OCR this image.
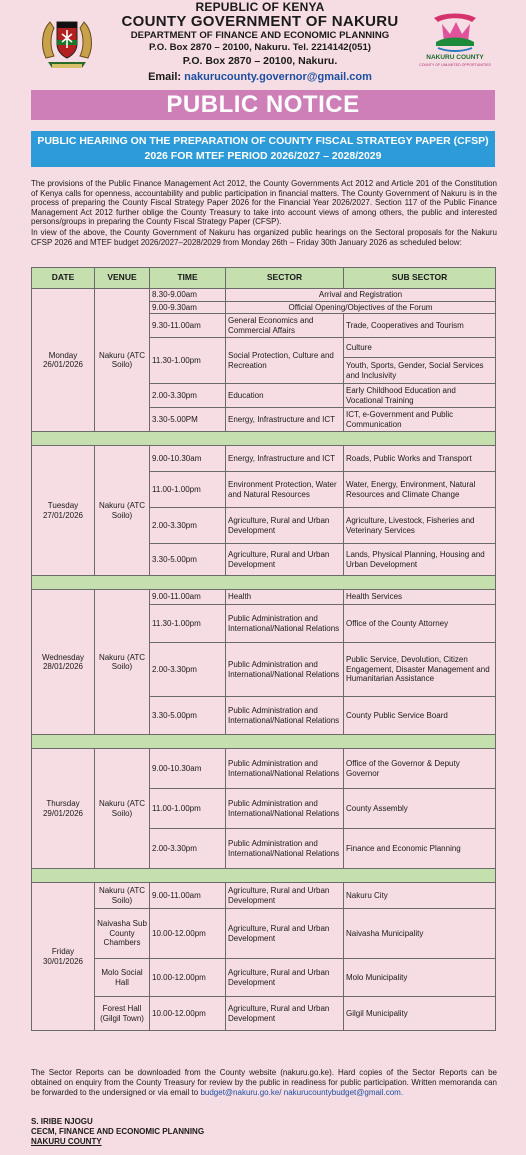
REPUBLIC OF KENYA
COUNTY GOVERNMENT OF NAKURU
DEPARTMENT OF FINANCE AND ECONOMIC PLANNING
P.O. Box 2870 – 20100, Nakuru. Tel. 2214142(051)
P.O. Box 2870 – 20100, Nakuru.
Email: nakurucounty.governor@gmail.com
NAKURU COUNTY
COUNTY OF UNLIMITED OPPORTUNITIES
PUBLIC NOTICE
PUBLIC HEARING ON THE PREPARATION OF COUNTY FISCAL STRATEGY PAPER (CFSP) 2026 FOR MTEF PERIOD 2026/2027 – 2028/2029

The provisions of the Public Finance Management Act 2012, the County Governments Act 2012 and Article 201 of the Constitution of Kenya calls for openness, accountability and public participation in financial matters. The County Government of Nakuru is in the process of preparing the County Fiscal Strategy Paper 2026 for the Financial Year 2026/2027. Section 117 of the Public Finance Management Act 2012 further oblige the County Treasury to take into account views of among others, the public and interested persons/groups in preparing the County Fiscal Strategy Paper (CFSP).

In view of the above, the County Government of Nakuru has organized public hearings on the Sectoral proposals for the Nakuru CFSP 2026 and MTEF budget 2026/2027–2028/2029 from Monday 26th – Friday 30th January 2026 as scheduled below:

DATE	VENUE	TIME	SECTOR	SUB SECTOR
Monday 26/01/2026	Nakuru (ATC Soilo)	8.30-9.00am	Arrival and Registration	
		9.00-9.30am	Official Opening/Objectives of the Forum	
		9.30-11.00am	General Economics and Commercial Affairs	Trade, Cooperatives and Tourism
		11.30-1.00pm	Social Protection, Culture and Recreation	Culture
				Youth, Sports, Gender, Social Services and Inclusivity
		2.00-3.30pm	Education	Early Childhood Education and Vocational Training
		3.30-5.00PM	Energy, Infrastructure and ICT	ICT, e-Government and Public Communication

Tuesday 27/01/2026	Nakuru (ATC Soilo)	9.00-10.30am	Energy, Infrastructure and ICT	Roads, Public Works and Transport
		11.00-1.00pm	Environment Protection, Water and Natural Resources	Water, Energy, Environment, Natural Resources and Climate Change
		2.00-3.30pm	Agriculture, Rural and Urban Development	Agriculture, Livestock, Fisheries and Veterinary Services
		3.30-5.00pm	Agriculture, Rural and Urban Development	Lands, Physical Planning, Housing and Urban Development

Wednesday 28/01/2026	Nakuru (ATC Soilo)	9.00-11.00am	Health	Health Services
		11.30-1.00pm	Public Administration and International/National Relations	Office of the County Attorney
		2.00-3.30pm	Public Administration and International/National Relations	Public Service, Devolution, Citizen Engagement, Disaster Management and Humanitarian Assistance
		3.30-5.00pm	Public Administration and International/National Relations	County Public Service Board

Thursday 29/01/2026	Nakuru (ATC Soilo)	9.00-10.30am	Public Administration and International/National Relations	Office of the Governor & Deputy Governor
		11.00-1.00pm	Public Administration and International/National Relations	County Assembly
		2.00-3.30pm	Public Administration and International/National Relations	Finance and Economic Planning

Friday 30/01/2026	Nakuru (ATC Soilo)	9.00-11.00am	Agriculture, Rural and Urban Development	Nakuru City
	Naivasha Sub County Chambers	10.00-12.00pm	Agriculture, Rural and Urban Development	Naivasha Municipality
	Molo Social Hall	10.00-12.00pm	Agriculture, Rural and Urban Development	Molo Municipality
	Forest Hall (Gilgil Town)	10.00-12.00pm	Agriculture, Rural and Urban Development	Gilgil Municipality
The Sector Reports can be downloaded from the County website (nakuru.go.ke). Hard copies of the Sector Reports can be obtained on enquiry from the County Treasury for review by the public in readiness for public participation. Written memoranda can be forwarded to the undersigned or via email to budget@nakuru.go.ke/ nakurucountybudget@gmail.com.
S. IRIBE NJOGU
CECM, FINANCE AND ECONOMIC PLANNING
NAKURU COUNTY
